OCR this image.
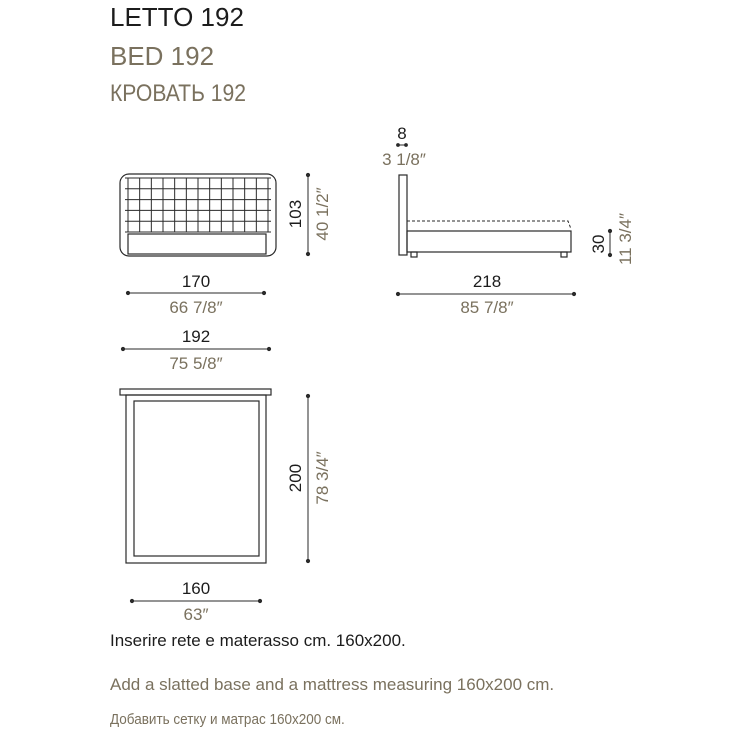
LETTO 192
BED 192
КРОВАТЬ 192
170
66 7/8″
192
75 5/8″
160
63″
218
85 7/8″
8
3 1/8″
103 40 1/2″
200 78 3/4″
30 11 3/4″
Inserire rete e materasso cm. 160x200.
Add a slatted base and a mattress measuring 160x200 cm.
Добавить сетку и матрас 160x200 см.
